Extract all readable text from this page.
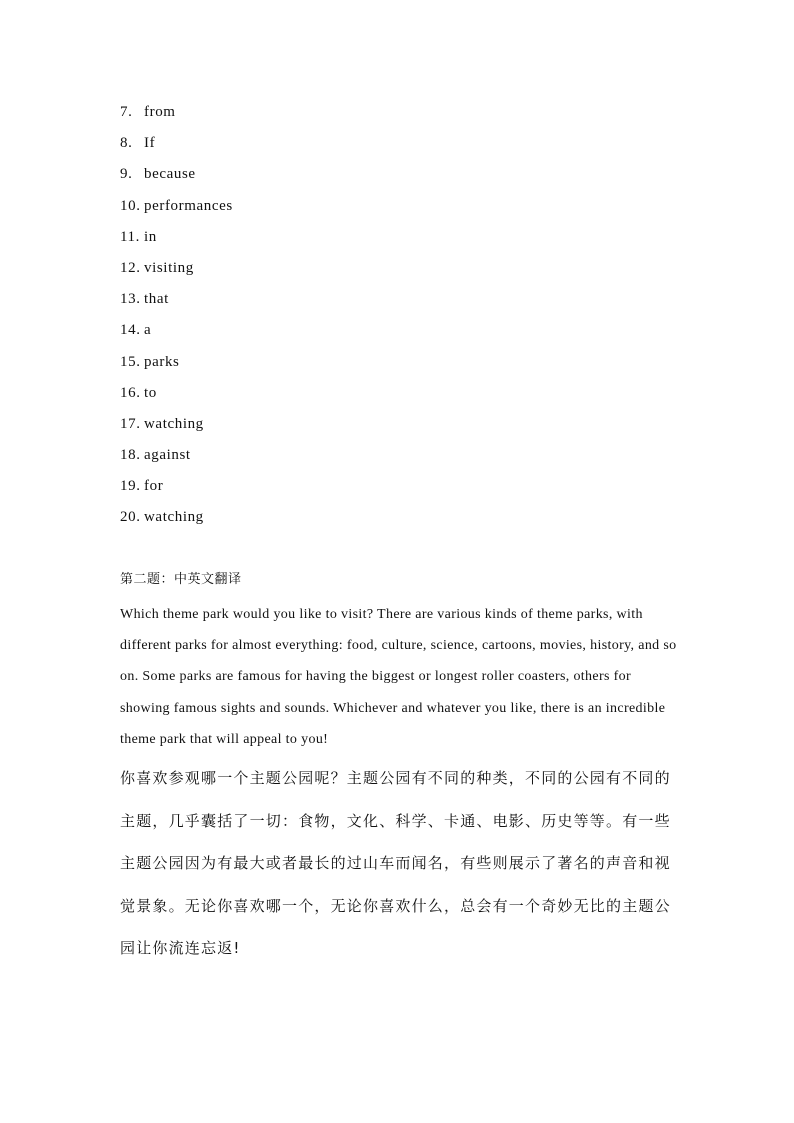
7. from
8. If
9. because
10. performances
11. in
12. visiting
13. that
14. a
15. parks
16. to
17. watching
18. against
19. for
20. watching
第二题：中英文翻译

Which theme park would you like to visit? There are various kinds of theme parks, with different parks for almost everything: food, culture, science, cartoons, movies, history, and so on. Some parks are famous for having the biggest or longest roller coasters, others for showing famous sights and sounds. Whichever and whatever you like, there is an incredible theme park that will appeal to you!

你喜欢参观哪一个主题公园呢？主题公园有不同的种类，不同的公园有不同的主题，几乎囊括了一切：食物，文化、科学、卡通、电影、历史等等。有一些主题公园因为有最大或者最长的过山车而闻名，有些则展示了著名的声音和视觉景象。无论你喜欢哪一个，无论你喜欢什么，总会有一个奇妙无比的主题公园让你流连忘返!
